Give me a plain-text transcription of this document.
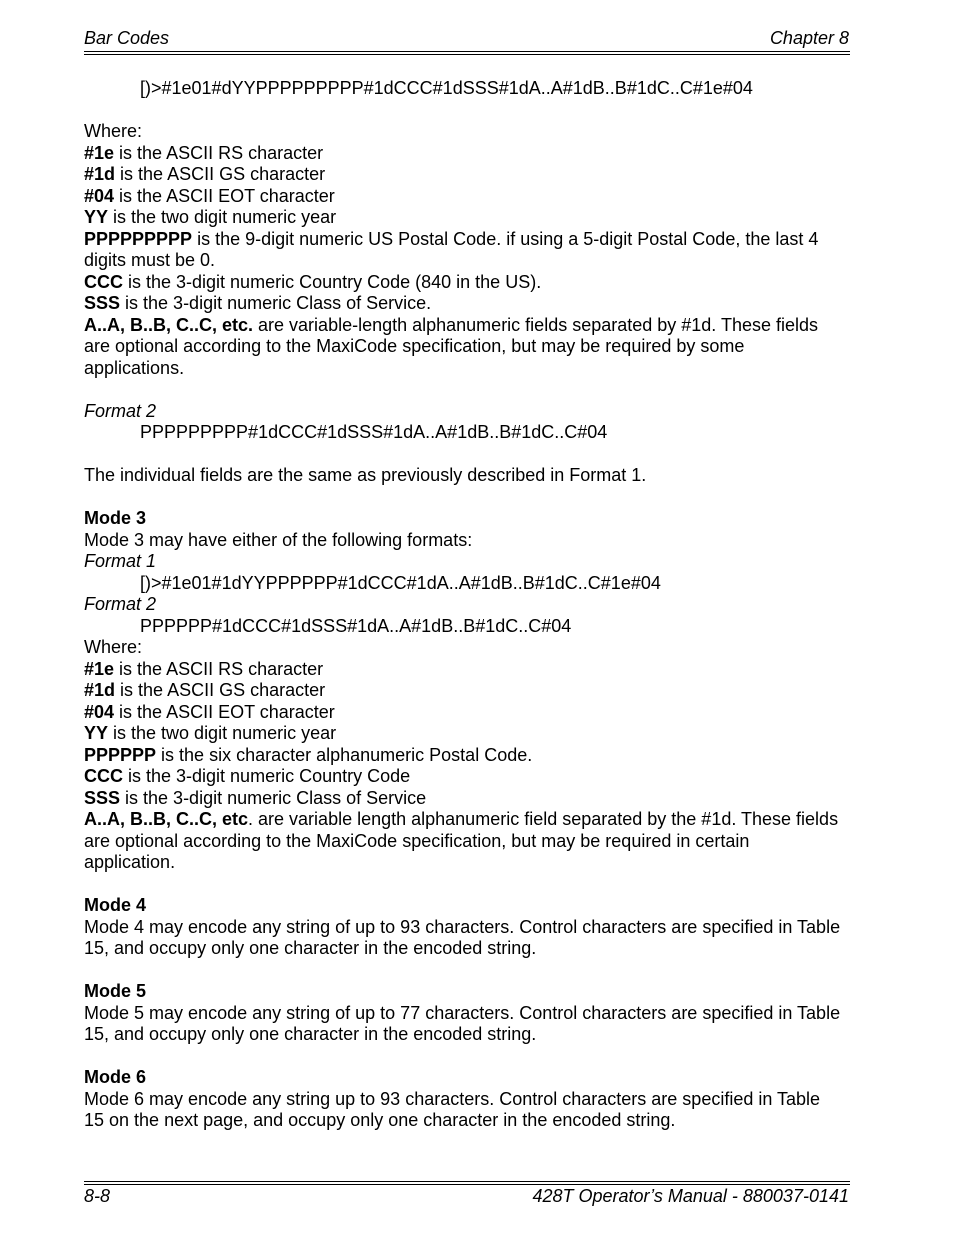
Bar Codes	Chapter 8
[)>#1e01#dYYPPPPPPPPP#1dCCC#1dSSS#1dA..A#1dB..B#1dC..C#1e#04
Where:
#1e is the ASCII RS character
#1d is the ASCII GS character
#04 is the ASCII EOT character
YY is the two digit numeric year
PPPPPPPPP is the 9-digit numeric US Postal Code. if using a 5-digit Postal Code, the last 4 digits must be 0.
CCC is the 3-digit numeric Country Code (840 in the US).
SSS is the 3-digit numeric Class of Service.
A..A, B..B, C..C, etc. are variable-length alphanumeric fields separated by #1d. These fields are optional according to the MaxiCode specification, but may be required by some applications.
Format 2
PPPPPPPPP#1dCCC#1dSSS#1dA..A#1dB..B#1dC..C#04
The individual fields are the same as previously described in Format 1.
Mode 3
Mode 3 may have either of the following formats:
Format 1
[)>#1e01#1dYYPPPPPP#1dCCC#1dA..A#1dB..B#1dC..C#1e#04
Format 2
PPPPPP#1dCCC#1dSSS#1dA..A#1dB..B#1dC..C#04
Where:
#1e is the ASCII RS character
#1d is the ASCII GS character
#04 is the ASCII EOT character
YY is the two digit numeric year
PPPPPP is the six character alphanumeric Postal Code.
CCC is the 3-digit numeric Country Code
SSS is the 3-digit numeric Class of Service
A..A, B..B, C..C, etc. are variable length alphanumeric field separated by the #1d. These fields are optional according to the MaxiCode specification, but may be required in certain application.
Mode 4
Mode 4 may encode any string of up to 93 characters. Control characters are specified in Table 15, and occupy only one character in the encoded string.
Mode 5
Mode 5 may encode any string of up to 77 characters. Control characters are specified in Table 15, and occupy only one character in the encoded string.
Mode 6
Mode 6 may encode any string up to 93 characters. Control characters are specified in Table 15 on the next page, and occupy only one character in the encoded string.
8-8	428T Operator’s Manual - 880037-0141
